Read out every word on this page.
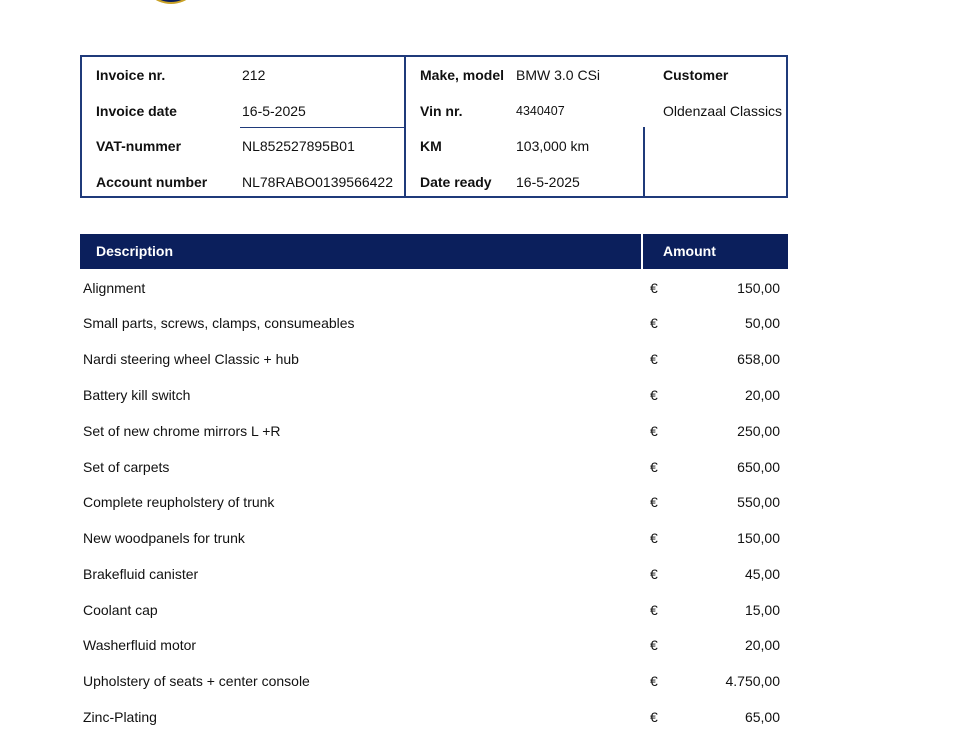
Invoice nr.	212
Invoice date	16-5-2025
VAT-nummer	NL852527895B01
Account number NL78RABO0139566422
Make, model BMW 3.0 CSi
Vin nr.	4340407
KM	103,000 km
Date ready 16-5-2025
Customer
Oldenzaal Classics
Description	Amount
Alignment	€	150,00
Small parts, screws, clamps, consumeables	€	50,00
Nardi steering wheel Classic + hub	€	658,00
Battery kill switch	€	20,00
Set of new chrome mirrors L +R	€	250,00
Set of carpets	€	650,00
Complete reupholstery of trunk	€	550,00
New woodpanels for trunk	€	150,00
Brakefluid canister	€	45,00
Coolant cap	€	15,00
Washerfluid motor	€	20,00
Upholstery of seats + center console	€	4.750,00
Zinc-Plating	€	65,00
